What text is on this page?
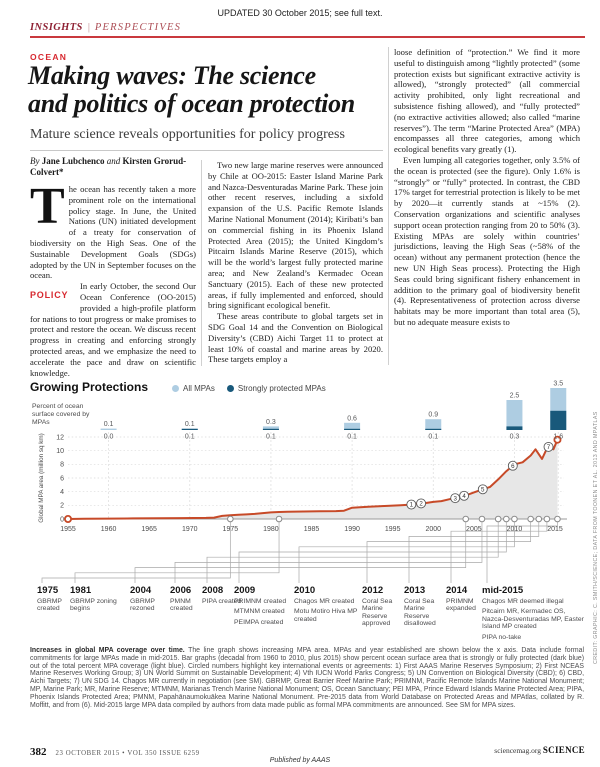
UPDATED 30 October 2015; see full text.
INSIGHTS | PERSPECTIVES
OCEAN
Making waves: The science
and politics of ocean protection
Mature science reveals opportunities for policy progress
By Jane Lubchenco and Kirsten Grorud-Colvert*

The ocean has recently taken a more prominent role on the international policy stage. In June, the United Nations (UN) initiated development of a treaty for conservation of biodiversity on the High Seas. One of the Sustainable Development Goals (SDGs) adopted by the UN in September focuses on the ocean.

POLICY
In early October, the second Our Ocean Conference (OO-2015) provided a high-profile platform for nations to tout progress or make promises to protect and restore the ocean. We discuss recent progress in creating and enforcing strongly protected areas, and we emphasize the need to accelerate the pace and draw on scientific knowledge.

Two new large marine reserves were announced by Chile at OO-2015: Easter Island Marine Park and Nazca-Desventuradas Marine Park. These join other recent reserves, including a sixfold expansion of the U.S. Pacific Remote Islands Marine National Monument (2014); Kiribati’s ban on commercial fishing in its Phoenix Island Protected Area (2015); the United Kingdom’s Pitcairn Islands Marine Reserve (2015), which will be the world’s largest fully protected marine area; and New Zealand’s Kermadec Ocean Sanctuary (2015). Each of these new protected areas, if fully implemented and enforced, should bring significant ecological benefit.

These areas contribute to global targets set in SDG Goal 14 and the Convention on Biological Diversity’s (CBD) Aichi Target 11 to protect at least 10% of coastal and marine areas by 2020. These targets employ a

loose definition of “protection.” We find it more useful to distinguish among “lightly protected” (some protection exists but significant extractive activity is allowed), “strongly protected” (all commercial activity prohibited, only light recreational and subsistence fishing allowed), and “fully protected” (no extractive activities allowed; also called “marine reserves”). The term “Marine Protected Area” (MPA) encompasses all three categories, among which ecological benefits vary greatly (1).

Even lumping all categories together, only 3.5% of the ocean is protected (see the figure). Only 1.6% is “strongly” or “fully” protected. In contrast, the CBD 17% target for terrestrial protection is likely to be met by 2020—it currently stands at ~15% (2). Conservation organizations and scientific analyses support ocean protection ranging from 20 to 50% (3). Existing MPAs are solely within countries’ jurisdictions, leaving the High Seas (~58% of the ocean) without any permanent protection (hence the new UN High Seas process). Protecting the High Seas could bring significant fishery enhancement in addition to the primary goal of biodiversity benefit (4). Representativeness of protection across diverse habitats may be more important than total area (5), but no adequate measure exists to

Growing Protections	All MPAs	Strongly protected MPAs
Percent of ocean surface covered by MPAs
0
2
4
6
8
10
12
Global MPA area (million sq km)
1955	1960	1965	1970	1975	1980	1985	1990	1995	2000	2005	2010	2015
0.1
0.0
0.1
0.1
0.3
0.1
0.6
0.1
0.9
0.1
2.5
0.3
3.5
1.6
1 2
3 4
5
6
7
1975
GBRMP created
1981
GBRMP zoning begins
2004
GBRMP rezoned
2006
PMNM created
2008
PIPA created
2009
PRIMNM created
MTMNM created
PEIMPA created
2010
Chagos MR created
Motu Motiro Hiva MP created
2012
Coral Sea Marine Reserve approved
2013
Coral Sea Marine Reserve disallowed
2014
PRIMNM expanded
mid-2015
Chagos MR deemed illegal
Pitcairn MR, Kermadec OS, Nazca-Desventuradas MP, Easter Island MP created
PIPA no-take
Increases in global MPA coverage over time. The line graph shows increasing MPA area. MPAs and year established are shown below the x axis. Data include formal commitments for large MPAs made in mid-2015. Bar graphs (decadal from 1960 to 2010, plus 2015) show percent ocean surface area that is strongly or fully protected (dark blue) out of the total percent MPA coverage (light blue). Circled numbers highlight key international events or agreements: 1) First AAAS Marine Reserves Symposium; 2) First NCEAS Marine Reserves Working Group; 3) UN World Summit on Sustainable Development; 4) Vth IUCN World Parks Congress; 5) UN Convention on Biological Diversity (CBD); 6) CBD, Aichi Targets; 7) UN SDG 14. Chagos MR currently in negotiation (see SM). GBRMP, Great Barrier Reef Marine Park; PRIMNM, Pacific Remote Islands Marine National Monument; MP, Marine Park; MR, Marine Reserve; MTMNM, Marianas Trench Marine National Monument; OS, Ocean Sanctuary; PEI MPA, Prince Edward Islands Marine Protected Area; PIPA, Phoenix Islands Protected Area; PMNM, Papahānaumokuākea Marine National Monument. Pre-2015 data from World Database on Protected Areas and MPAtlas, collated by R. Moffitt, and from (6). Mid-2015 large MPA data compiled by authors from data made public as formal MPA commitments are announced. See SM for MPA sizes.
CREDIT: GRAPHIC: C. SMITH/SCIENCE; DATA FROM TOONEN ET AL. 2013 AND MPATLAS
382 23 OCTOBER 2015 • VOL 350 ISSUE 6259	sciencemag.org SCIENCE
Published by AAAS
